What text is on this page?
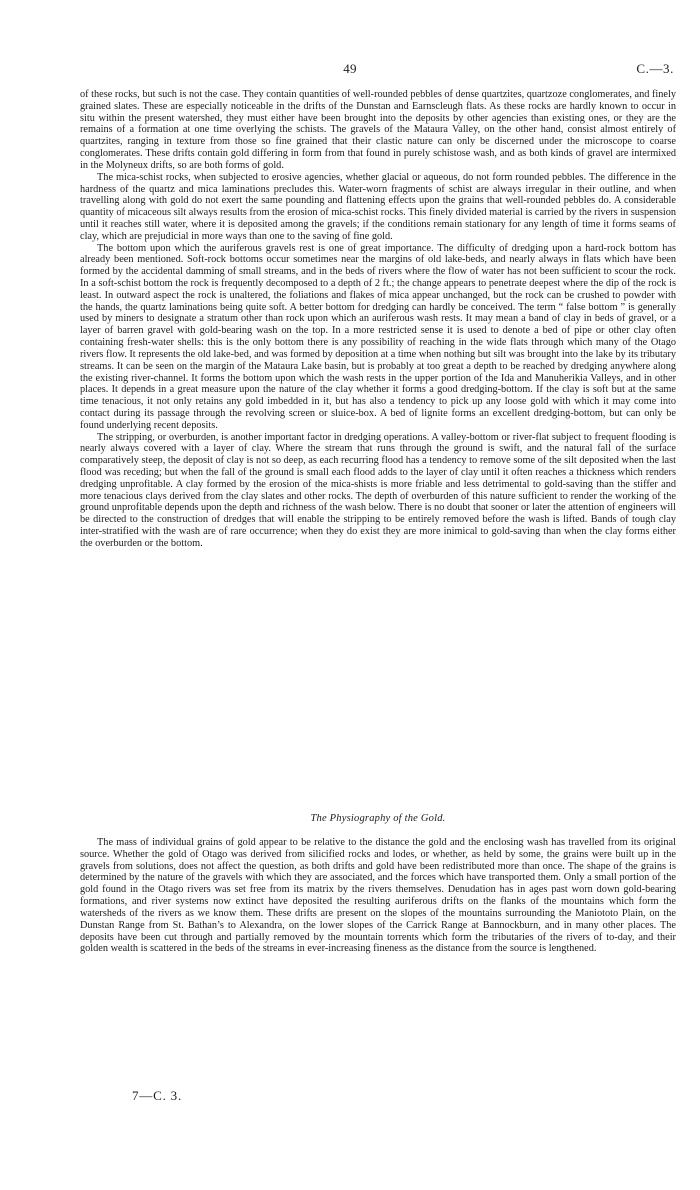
49	C.—3.

of these rocks, but such is not the case. They contain quantities of well-rounded pebbles of dense quartzites, quartzoze conglomerates, and finely grained slates. These are especially noticeable in the drifts of the Dunstan and Earnscleugh flats. As these rocks are hardly known to occur in situ within the present watershed, they must either have been brought into the deposits by other agencies than existing ones, or they are the remains of a formation at one time overlying the schists. The gravels of the Mataura Valley, on the other hand, consist almost entirely of quartzites, ranging in texture from those so fine grained that their clastic nature can only be discerned under the microscope to coarse conglomerates. These drifts contain gold differing in form from that found in purely schistose wash, and as both kinds of gravel are intermixed in the Molyneux drifts, so are both forms of gold.

The mica-schist rocks, when subjected to erosive agencies, whether glacial or aqueous, do not form rounded pebbles. The difference in the hardness of the quartz and mica laminations precludes this. Water-worn fragments of schist are always irregular in their outline, and when travelling along with gold do not exert the same pounding and flattening effects upon the grains that well-rounded pebbles do. A considerable quantity of micaceous silt always results from the erosion of mica-schist rocks. This finely divided material is carried by the rivers in suspension until it reaches still water, where it is deposited among the gravels; if the conditions remain stationary for any length of time it forms seams of clay, which are prejudicial in more ways than one to the saving of fine gold.

The bottom upon which the auriferous gravels rest is one of great importance. The difficulty of dredging upon a hard-rock bottom has already been mentioned. Soft-rock bottoms occur sometimes near the margins of old lake-beds, and nearly always in flats which have been formed by the accidental damming of small streams, and in the beds of rivers where the flow of water has not been sufficient to scour the rock. In a soft-schist bottom the rock is frequently decomposed to a depth of 2 ft.; the change appears to penetrate deepest where the dip of the rock is least. In outward aspect the rock is unaltered, the foliations and flakes of mica appear unchanged, but the rock can be crushed to powder with the hands, the quartz laminations being quite soft. A better bottom for dredging can hardly be conceived. The term “ false bottom ” is generally used by miners to designate a stratum other than rock upon which an auriferous wash rests. It may mean a band of clay in beds of gravel, or a layer of barren gravel with gold-bearing wash on the top. In a more restricted sense it is used to denote a bed of pipe or other clay often containing fresh-water shells: this is the only bottom there is any possibility of reaching in the wide flats through which many of the Otago rivers flow. It represents the old lake-bed, and was formed by deposition at a time when nothing but silt was brought into the lake by its tributary streams. It can be seen on the margin of the Mataura Lake basin, but is probably at too great a depth to be reached by dredging anywhere along the existing river-channel. It forms the bottom upon which the wash rests in the upper portion of the Ida and Manuherikia Valleys, and in other places. It depends in a great measure upon the nature of the clay whether it forms a good dredging-bottom. If the clay is soft but at the same time tenacious, it not only retains any gold imbedded in it, but has also a tendency to pick up any loose gold with which it may come into contact during its passage through the revolving screen or sluice-box. A bed of lignite forms an excellent dredging-bottom, but can only be found underlying recent deposits.

The stripping, or overburden, is another important factor in dredging operations. A valley-bottom or river-flat subject to frequent flooding is nearly always covered with a layer of clay. Where the stream that runs through the ground is swift, and the natural fall of the surface comparatively steep, the deposit of clay is not so deep, as each recurring flood has a tendency to remove some of the silt deposited when the last flood was receding; but when the fall of the ground is small each flood adds to the layer of clay until it often reaches a thickness which renders dredging unprofitable. A clay formed by the erosion of the mica-shists is more friable and less detrimental to gold-saving than the stiffer and more tenacious clays derived from the clay slates and other rocks. The depth of overburden of this nature sufficient to render the working of the ground unprofitable depends upon the depth and richness of the wash below. There is no doubt that sooner or later the attention of engineers will be directed to the construction of dredges that will enable the stripping to be entirely removed before the wash is lifted. Bands of tough clay inter-stratified with the wash are of rare occurrence; when they do exist they are more inimical to gold-saving than when the clay forms either the overburden or the bottom.

The Physiography of the Gold.

The mass of individual grains of gold appear to be relative to the distance the gold and the enclosing wash has travelled from its original source. Whether the gold of Otago was derived from silicified rocks and lodes, or whether, as held by some, the grains were built up in the gravels from solutions, does not affect the question, as both drifts and gold have been redistributed more than once. The shape of the grains is determined by the nature of the gravels with which they are associated, and the forces which have transported them. Only a small portion of the gold found in the Otago rivers was set free from its matrix by the rivers themselves. Denudation has in ages past worn down gold-bearing formations, and river systems now extinct have deposited the resulting auriferous drifts on the flanks of the mountains which form the watersheds of the rivers as we know them. These drifts are present on the slopes of the mountains surrounding the Maniototo Plain, on the Dunstan Range from St. Bathan’s to Alexandra, on the lower slopes of the Carrick Range at Bannockburn, and in many other places. The deposits have been cut through and partially removed by the mountain torrents which form the tributaries of the rivers of to-day, and their golden wealth is scattered in the beds of the streams in ever-increasing fineness as the distance from the source is lengthened.

7—C. 3.
